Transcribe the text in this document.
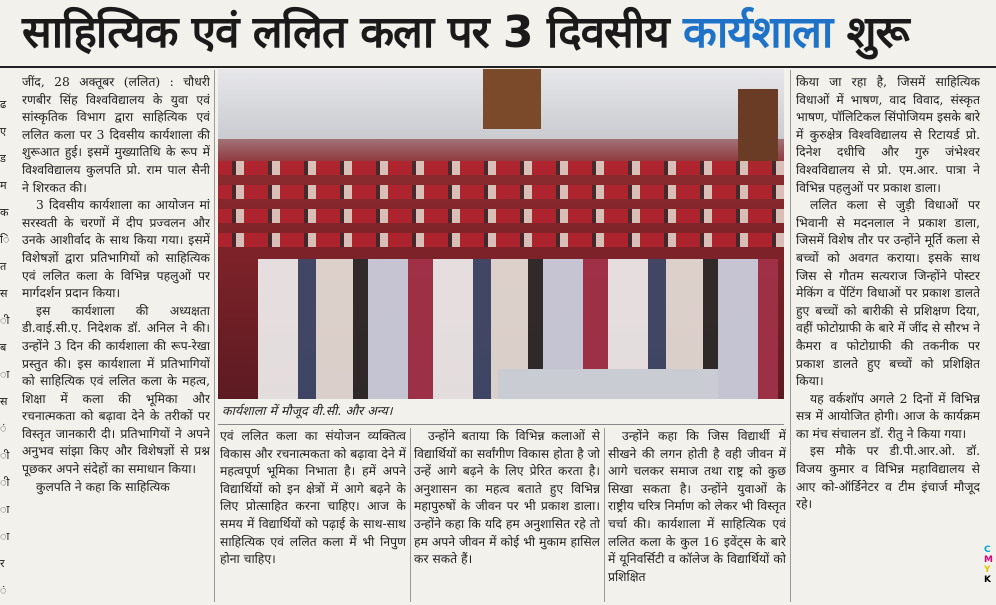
साहित्यिक एवं ललित कला पर 3 दिवसीय कार्यशाला शुरू
ढ
ए
ड
म
क
ि
त
स
ी
ब
ा
स
ं
ी
ी
ा
ा
र
ं

जींद, 28 अक्तूबर (ललित) : चौधरी रणबीर सिंह विश्वविद्यालय के युवा एवं सांस्कृतिक विभाग द्वारा साहित्यिक एवं ललित कला पर 3 दिवसीय कार्यशाला की शुरूआत हुई। इसमें मुख्यातिथि के रूप में विश्वविद्यालय कुलपति प्रो. राम पाल सैनी ने शिरकत की।

3 दिवसीय कार्यशाला का आयोजन मां सरस्वती के चरणों में दीप प्रज्वलन और उनके आशीर्वाद के साथ किया गया। इसमें विशेषज्ञों द्वारा प्रतिभागियों को साहित्यिक एवं ललित कला के विभिन्न पहलुओं पर मार्गदर्शन प्रदान किया।

इस कार्यशाला की अध्यक्षता डी.वाई.सी.ए. निदेशक डॉ. अनिल ने की। उन्होंने 3 दिन की कार्यशाला की रूप-रेखा प्रस्तुत की। इस कार्यशाला में प्रतिभागियों को साहित्यिक एवं ललित कला के महत्व, शिक्षा में कला की भूमिका और रचनात्मकता को बढ़ावा देने के तरीकों पर विस्तृत जानकारी दी। प्रतिभागियों ने अपने अनुभव सांझा किए और विशेषज्ञों से प्रश्न पूछकर अपने संदेहों का समाधान किया।

कुलपति ने कहा कि साहित्यिक

कार्यशाला में मौजूद वी.सी. और अन्य।

एवं ललित कला का संयोजन व्यक्तित्व विकास और रचनात्मकता को बढ़ावा देने में महत्वपूर्ण भूमिका निभाता है। हमें अपने विद्यार्थियों को इन क्षेत्रों में आगे बढ़ने के लिए प्रोत्साहित करना चाहिए। आज के समय में विद्यार्थियों को पढ़ाई के साथ-साथ साहित्यिक एवं ललित कला में भी निपुण होना चाहिए।

उन्होंने बताया कि विभिन्न कलाओं से विद्यार्थियों का सर्वांगीण विकास होता है जो उन्हें आगे बढ़ने के लिए प्रेरित करता है। अनुशासन का महत्व बताते हुए विभिन्न महापुरुषों के जीवन पर भी प्रकाश डाला। उन्होंने कहा कि यदि हम अनुशासित रहे तो हम अपने जीवन में कोई भी मुकाम हासिल कर सकते हैं।

उन्होंने कहा कि जिस विद्यार्थी में सीखने की लगन होती है वही जीवन में आगे चलकर समाज तथा राष्ट्र को कुछ सिखा सकता है। उन्होंने युवाओं के राष्ट्रीय चरित्र निर्माण को लेकर भी विस्तृत चर्चा की। कार्यशाला में साहित्यिक एवं ललित कला के कुल 16 इवेंट्स के बारे में यूनिवर्सिटी व कॉलेज के विद्यार्थियों को प्रशिक्षित

किया जा रहा है, जिसमें साहित्यिक विधाओं में भाषण, वाद विवाद, संस्कृत भाषण, पॉलिटिकल सिंपोजियम इसके बारे में कुरुक्षेत्र विश्वविद्यालय से रिटायर्ड प्रो. दिनेश दधीचि और गुरु जंभेश्वर विश्वविद्यालय से प्रो. एम.आर. पात्रा ने विभिन्न पहलुओं पर प्रकाश डाला।

ललित कला से जुड़ी विधाओं पर भिवानी से मदनलाल ने प्रकाश डाला, जिसमें विशेष तौर पर उन्होंने मूर्ति कला से बच्चों को अवगत कराया। इसके साथ जिस से गौतम सत्यराज जिन्होंने पोस्टर मेकिंग व पेंटिंग विधाओं पर प्रकाश डालते हुए बच्चों को बारीकी से प्रशिक्षण दिया, वहीं फोटोग्राफी के बारे में जींद से सौरभ ने कैमरा व फोटोग्राफी की तकनीक पर प्रकाश डालते हुए बच्चों को प्रशिक्षित किया।

यह वर्कशॉप अगले 2 दिनों में विभिन्न सत्र में आयोजित होगी। आज के कार्यक्रम का मंच संचालन डॉ. रीतु ने किया गया।

इस मौके पर डी.पी.आर.ओ. डॉ. विजय कुमार व विभिन्न महाविद्यालय से आए को-ऑर्डिनेटर व टीम इंचार्ज मौजूद रहे।

C
M
Y
K
